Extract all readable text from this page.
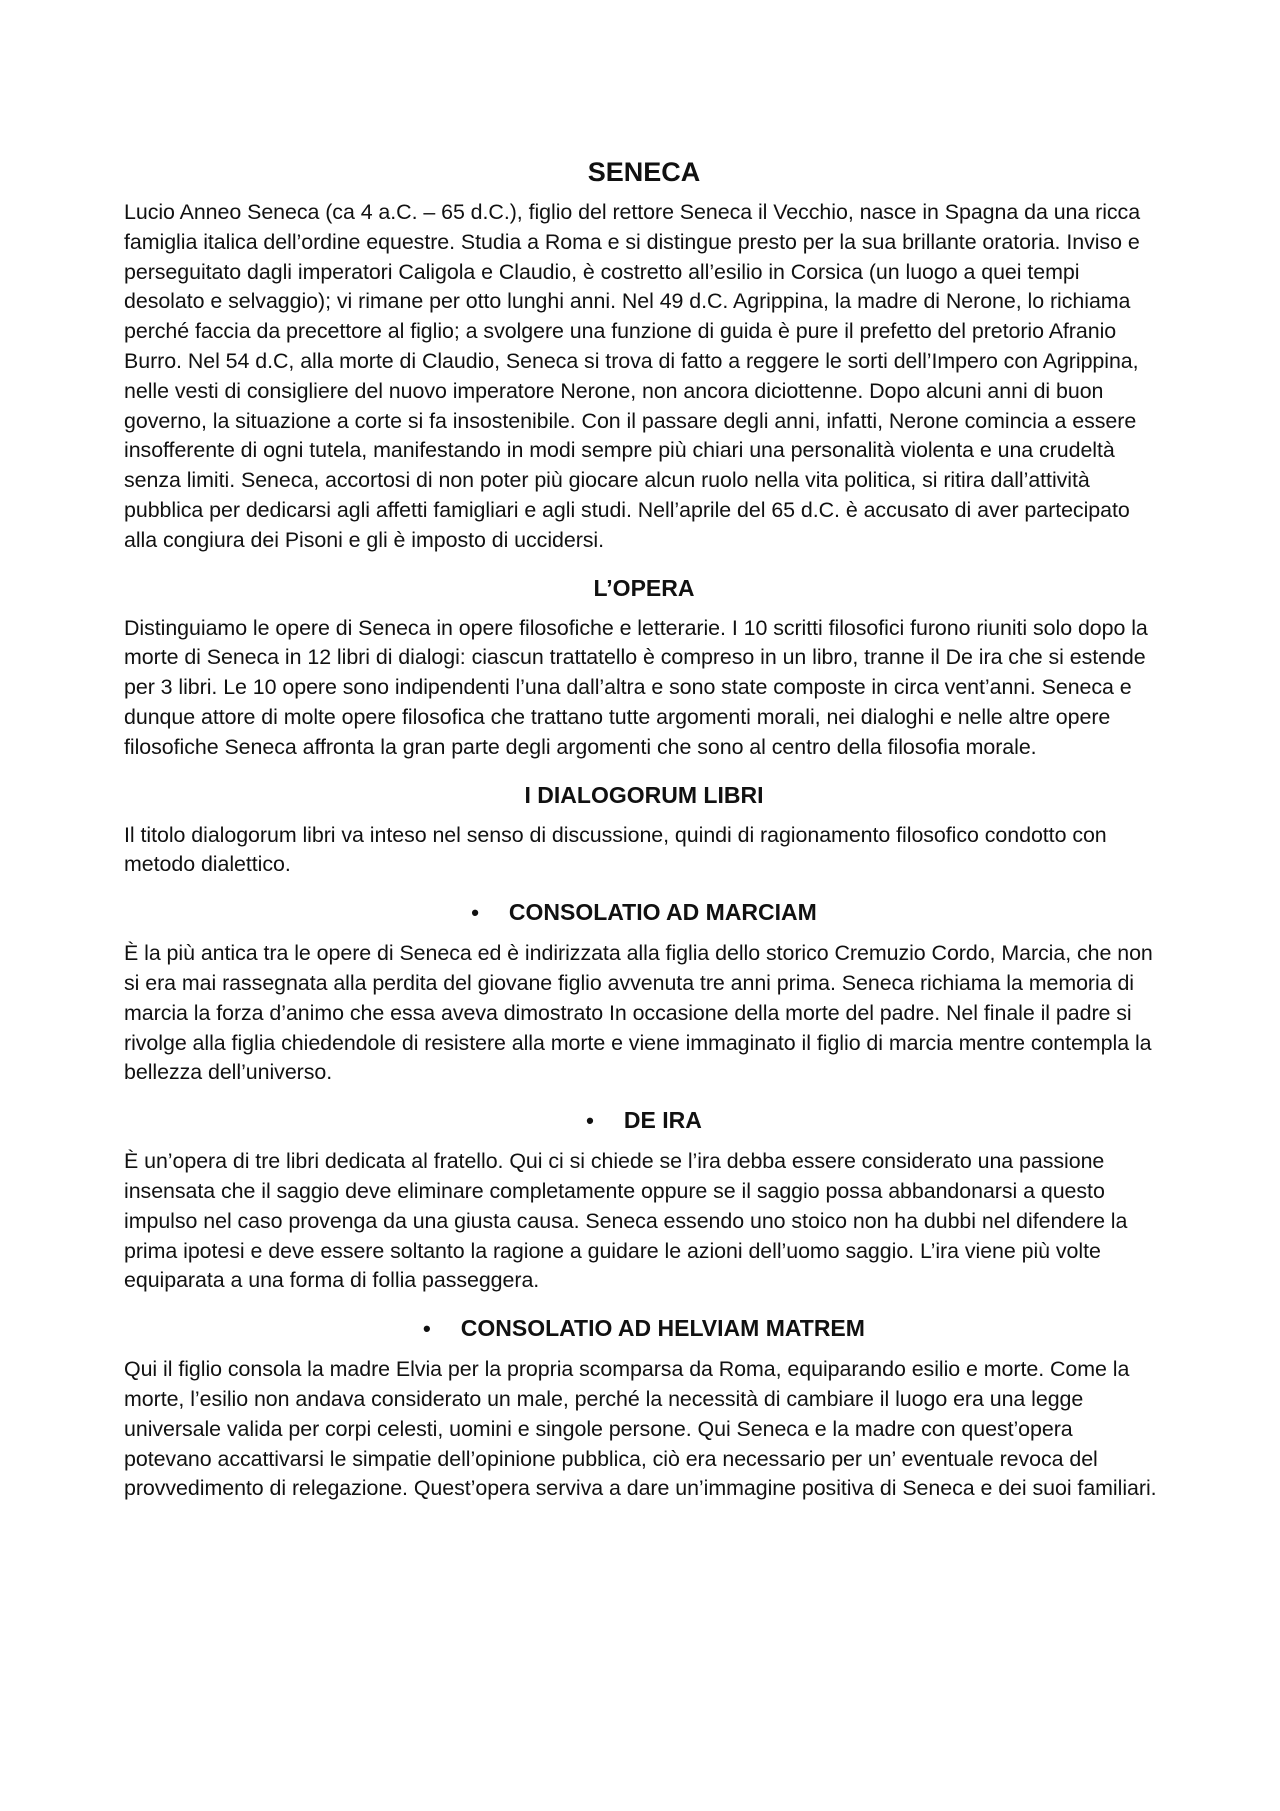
SENECA

Lucio Anneo Seneca (ca 4 a.C. – 65 d.C.), figlio del rettore Seneca il Vecchio, nasce in Spagna da una ricca famiglia italica dell’ordine equestre. Studia a Roma e si distingue presto per la sua brillante oratoria. Inviso e perseguitato dagli imperatori Caligola e Claudio, è costretto all’esilio in Corsica (un luogo a quei tempi desolato e selvaggio); vi rimane per otto lunghi anni. Nel 49 d.C. Agrippina, la madre di Nerone, lo richiama perché faccia da precettore al figlio; a svolgere una funzione di guida è pure il prefetto del pretorio Afranio Burro. Nel 54 d.C, alla morte di Claudio, Seneca si trova di fatto a reggere le sorti dell’Impero con Agrippina, nelle vesti di consigliere del nuovo imperatore Nerone, non ancora diciottenne. Dopo alcuni anni di buon governo, la situazione a corte si fa insostenibile. Con il passare degli anni, infatti, Nerone comincia a essere insofferente di ogni tutela, manifestando in modi sempre più chiari una personalità violenta e una crudeltà senza limiti. Seneca, accortosi di non poter più giocare alcun ruolo nella vita politica, si ritira dall’attività pubblica per dedicarsi agli affetti famigliari e agli studi. Nell’aprile del 65 d.C. è accusato di aver partecipato alla congiura dei Pisoni e gli è imposto di uccidersi.

L’OPERA

Distinguiamo le opere di Seneca in opere filosofiche e letterarie. I 10 scritti filosofici furono riuniti solo dopo la morte di Seneca in 12 libri di dialogi: ciascun trattatello è compreso in un libro, tranne il De ira che si estende per 3 libri. Le 10 opere sono indipendenti l’una dall’altra e sono state composte in circa vent’anni. Seneca e dunque attore di molte opere filosofica che trattano tutte argomenti morali, nei dialoghi e nelle altre opere filosofiche Seneca affronta la gran parte degli argomenti che sono al centro della filosofia morale.

I DIALOGORUM LIBRI

Il titolo dialogorum libri va inteso nel senso di discussione, quindi di ragionamento filosofico condotto con metodo dialettico.

• CONSOLATIO AD MARCIAM

È la più antica tra le opere di Seneca ed è indirizzata alla figlia dello storico Cremuzio Cordo, Marcia, che non si era mai rassegnata alla perdita del giovane figlio avvenuta tre anni prima. Seneca richiama la memoria di marcia la forza d’animo che essa aveva dimostrato In occasione della morte del padre. Nel finale il padre si rivolge alla figlia chiedendole di resistere alla morte e viene immaginato il figlio di marcia mentre contempla la bellezza dell’universo.

• DE IRA

È un’opera di tre libri dedicata al fratello. Qui ci si chiede se l’ira debba essere considerato una passione insensata che il saggio deve eliminare completamente oppure se il saggio possa abbandonarsi a questo impulso nel caso provenga da una giusta causa. Seneca essendo uno stoico non ha dubbi nel difendere la prima ipotesi e deve essere soltanto la ragione a guidare le azioni dell’uomo saggio. L’ira viene più volte equiparata a una forma di follia passeggera.

• CONSOLATIO AD HELVIAM MATREM

Qui il figlio consola la madre Elvia per la propria scomparsa da Roma, equiparando esilio e morte. Come la morte, l’esilio non andava considerato un male, perché la necessità di cambiare il luogo era una legge universale valida per corpi celesti, uomini e singole persone. Qui Seneca e la madre con quest’opera potevano accattivarsi le simpatie dell’opinione pubblica, ciò era necessario per un’ eventuale revoca del provvedimento di relegazione. Quest’opera serviva a dare un’immagine positiva di Seneca e dei suoi familiari.
